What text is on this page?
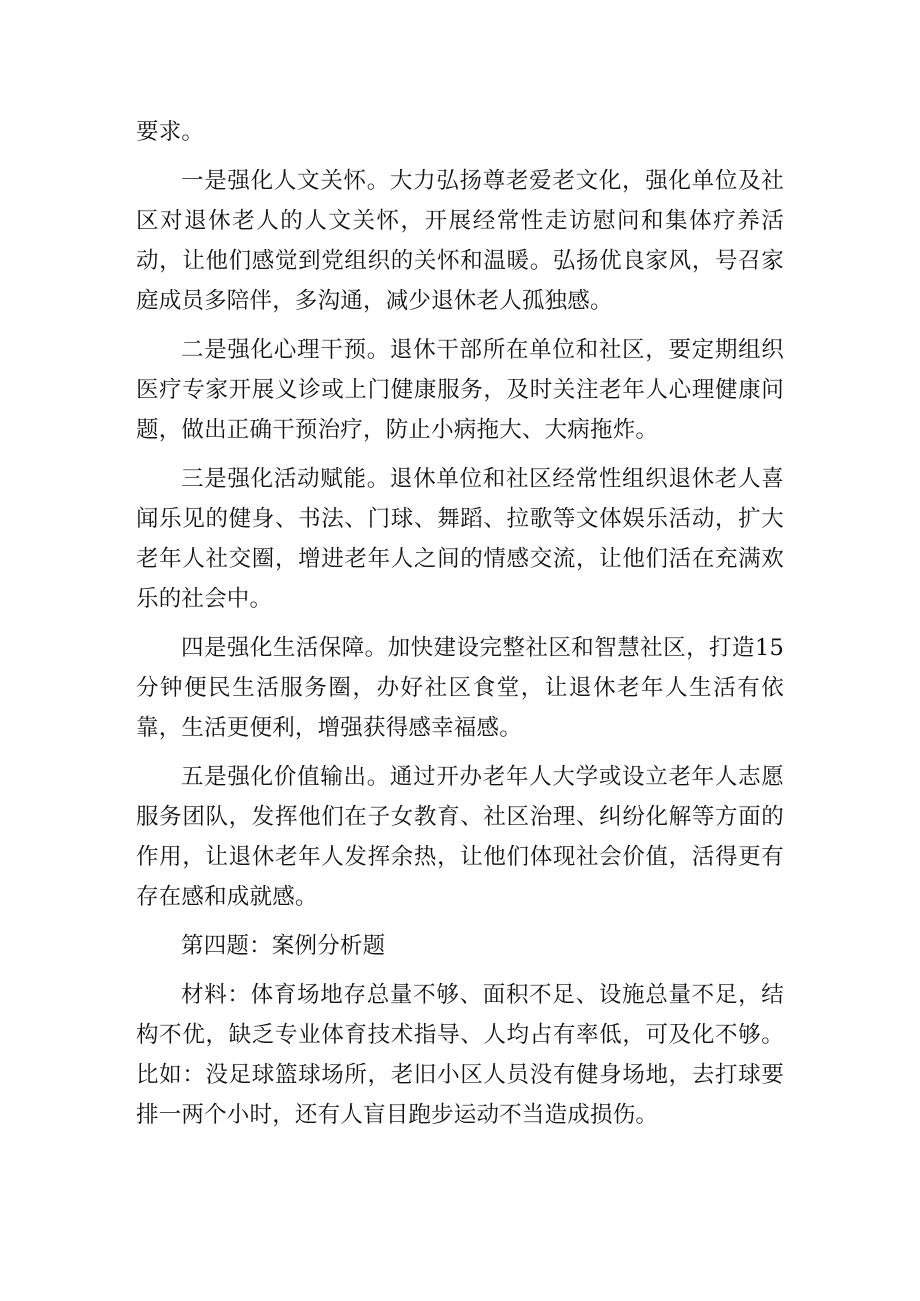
要求。

一是强化人文关怀。大力弘扬尊老爱老文化，强化单位及社区对退休老人的人文关怀，开展经常性走访慰问和集体疗养活动，让他们感觉到党组织的关怀和温暖。弘扬优良家风，号召家庭成员多陪伴，多沟通，减少退休老人孤独感。

二是强化心理干预。退休干部所在单位和社区，要定期组织医疗专家开展义诊或上门健康服务，及时关注老年人心理健康问题，做出正确干预治疗，防止小病拖大、大病拖炸。

三是强化活动赋能。退休单位和社区经常性组织退休老人喜闻乐见的健身、书法、门球、舞蹈、拉歌等文体娱乐活动，扩大老年人社交圈，增进老年人之间的情感交流，让他们活在充满欢乐的社会中。

四是强化生活保障。加快建设完整社区和智慧社区，打造15分钟便民生活服务圈，办好社区食堂，让退休老年人生活有依靠，生活更便利，增强获得感幸福感。

五是强化价值输出。通过开办老年人大学或设立老年人志愿服务团队，发挥他们在子女教育、社区治理、纠纷化解等方面的作用，让退休老年人发挥余热，让他们体现社会价值，活得更有存在感和成就感。

第四题：案例分析题

材料：体育场地存总量不够、面积不足、设施总量不足，结构不优，缺乏专业体育技术指导、人均占有率低，可及化不够。比如：没足球篮球场所，老旧小区人员没有健身场地，去打球要排一两个小时，还有人盲目跑步运动不当造成损伤。
